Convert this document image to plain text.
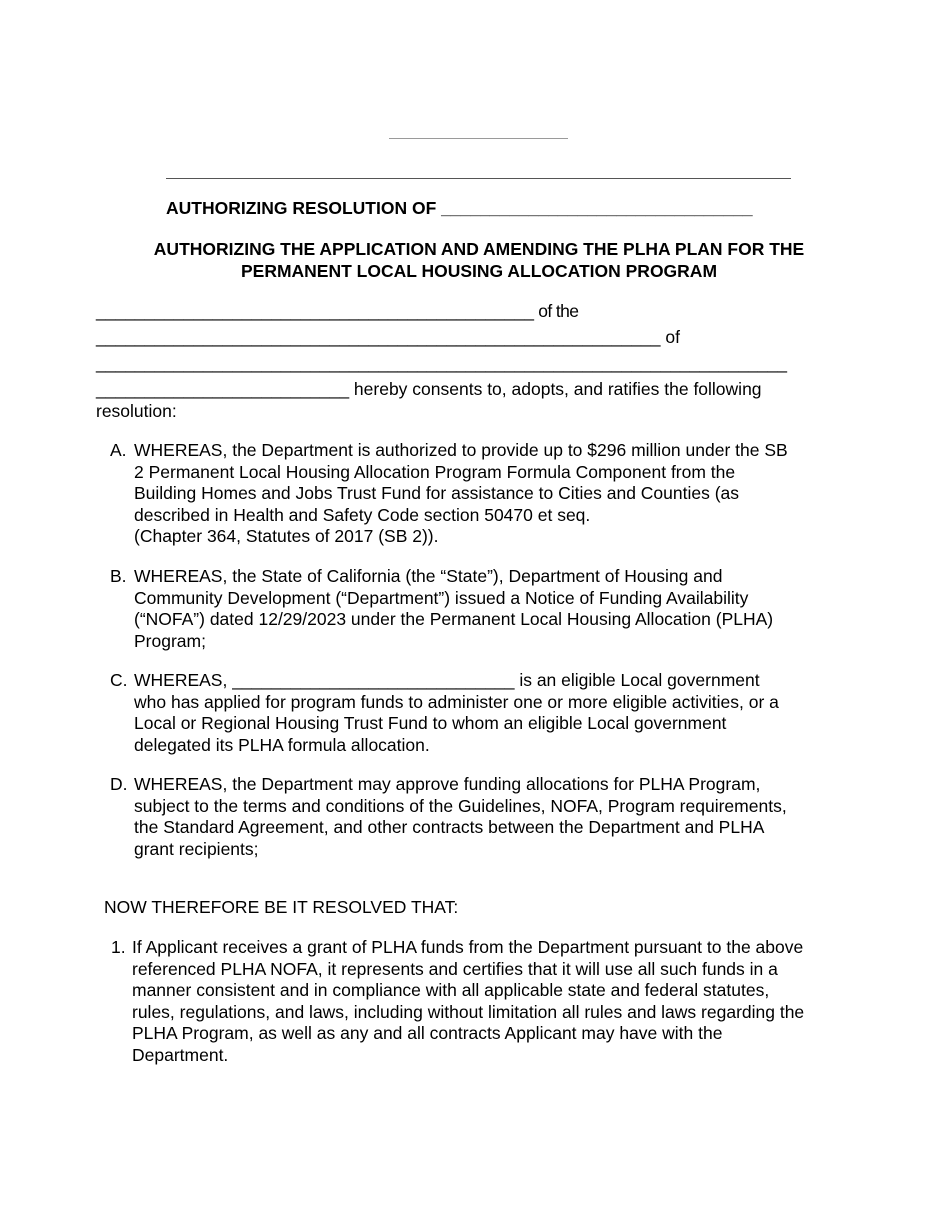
AUTHORIZING RESOLUTION OF ________________________________
AUTHORIZING THE APPLICATION AND AMENDING THE PLHA PLAN FOR THE
PERMANENT LOCAL HOUSING ALLOCATION PROGRAM
_____________________________________________ of the
__________________________________________________________ of
_______________________________________________________________________
__________________________ hereby consents to, adopts, and ratifies the following
resolution:
A. WHEREAS, the Department is authorized to provide up to $296 million under the SB
2 Permanent Local Housing Allocation Program Formula Component from the
Building Homes and Jobs Trust Fund for assistance to Cities and Counties (as
described in Health and Safety Code section 50470 et seq.
(Chapter 364, Statutes of 2017 (SB 2)).
B. WHEREAS, the State of California (the “State”), Department of Housing and
Community Development (“Department”) issued a Notice of Funding Availability
(“NOFA”) dated 12/29/2023 under the Permanent Local Housing Allocation (PLHA)
Program;
C. WHEREAS, _____________________________ is an eligible Local government
who has applied for program funds to administer one or more eligible activities, or a
Local or Regional Housing Trust Fund to whom an eligible Local government
delegated its PLHA formula allocation.
D. WHEREAS, the Department may approve funding allocations for PLHA Program,
subject to the terms and conditions of the Guidelines, NOFA, Program requirements,
the Standard Agreement, and other contracts between the Department and PLHA
grant recipients;
NOW THEREFORE BE IT RESOLVED THAT:
1. If Applicant receives a grant of PLHA funds from the Department pursuant to the above
referenced PLHA NOFA, it represents and certifies that it will use all such funds in a
manner consistent and in compliance with all applicable state and federal statutes,
rules, regulations, and laws, including without limitation all rules and laws regarding the
PLHA Program, as well as any and all contracts Applicant may have with the
Department.
